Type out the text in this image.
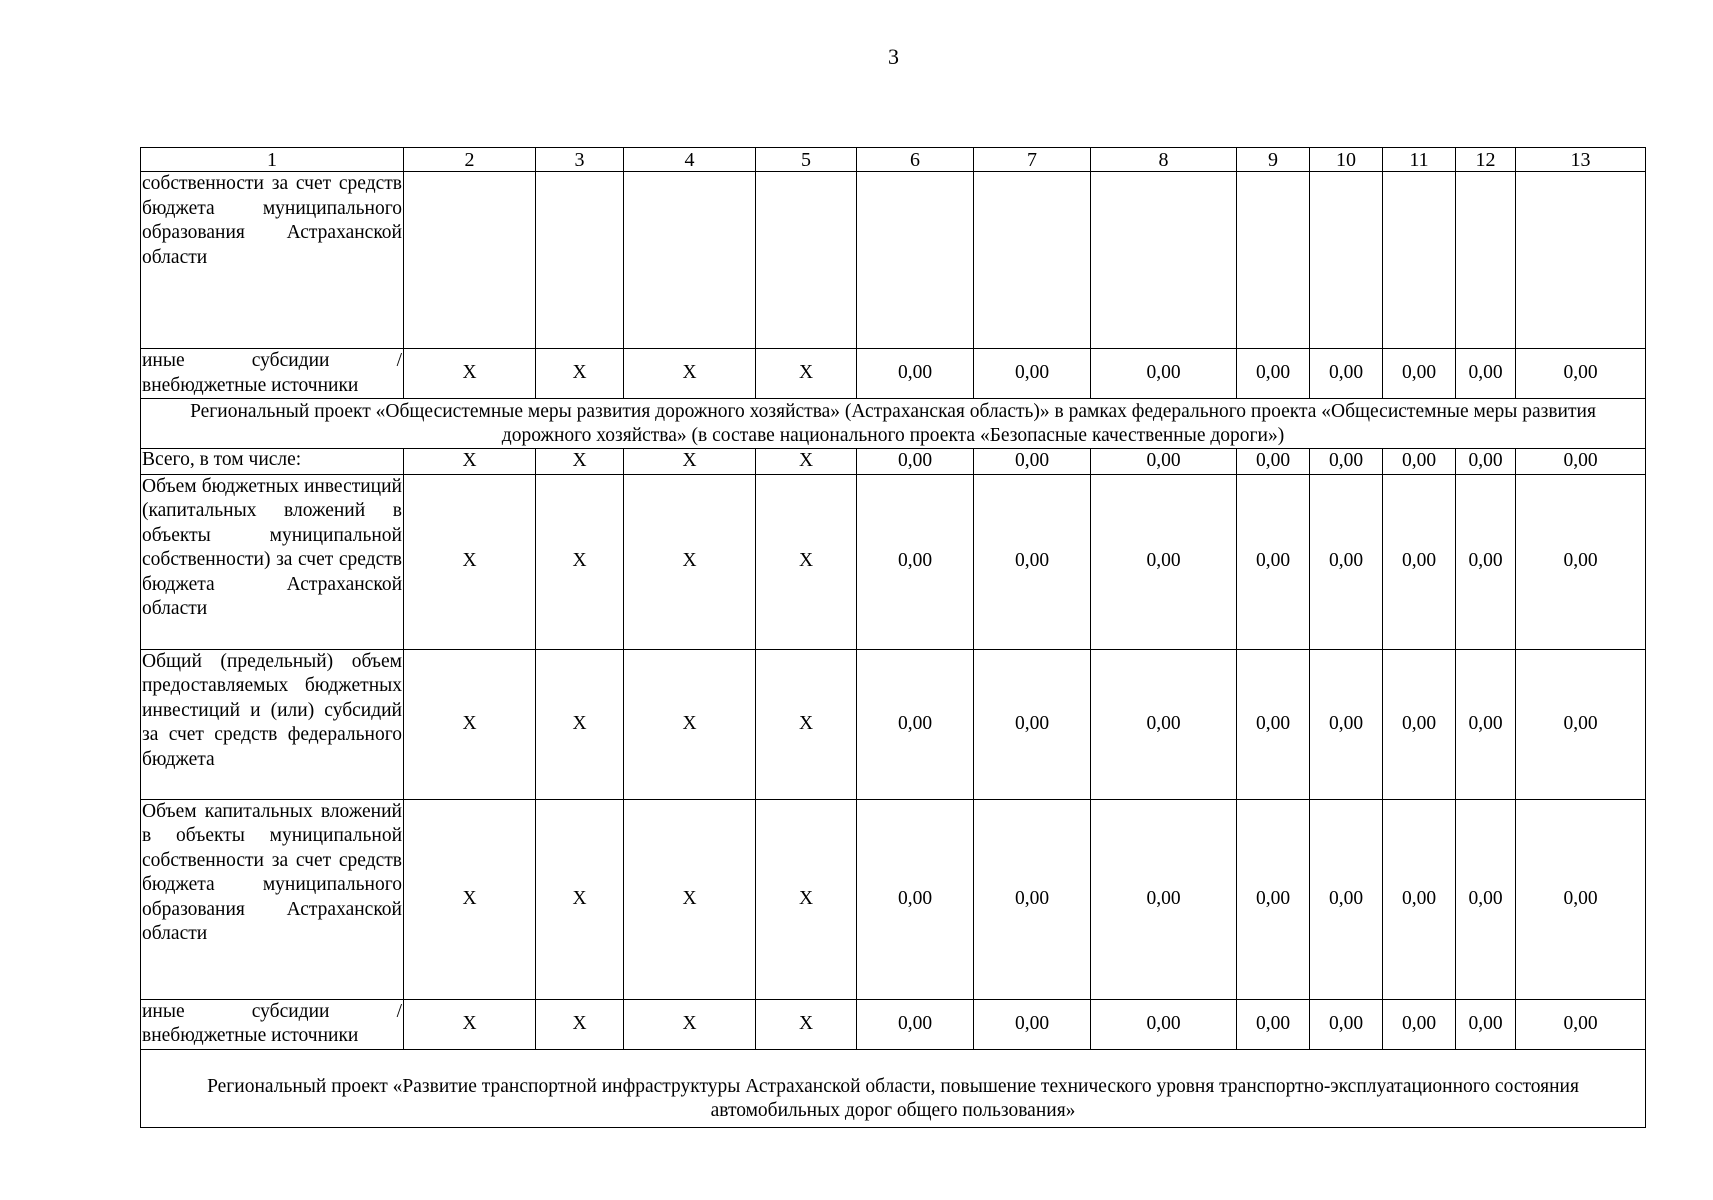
3
1	2	3	4	5	6	7	8	9	10	11	12	13
собственности за счет средств бюджета муниципального образования Астраханской области												
иные субсидии / внебюджетные источники	Х	Х	Х	Х	0,00	0,00	0,00	0,00	0,00	0,00	0,00	0,00
Региональный проект «Общесистемные меры развития дорожного хозяйства» (Астраханская область)» в рамках федерального проекта «Общесистемные меры развития дорожного хозяйства» (в составе национального проекта «Безопасные качественные дороги»)												
Всего, в том числе:	Х	Х	Х	Х	0,00	0,00	0,00	0,00	0,00	0,00	0,00	0,00
Объем бюджетных инвестиций (капитальных вложений в объекты муниципальной собственности) за счет средств бюджета Астраханской области	Х	Х	Х	Х	0,00	0,00	0,00	0,00	0,00	0,00	0,00	0,00
Общий (предельный) объем предоставляемых бюджетных инвестиций и (или) субсидий за счет средств федерального бюджета	Х	Х	Х	Х	0,00	0,00	0,00	0,00	0,00	0,00	0,00	0,00
Объем капитальных вложений в объекты муниципальной собственности за счет средств бюджета муниципального образования Астраханской области	Х	Х	Х	Х	0,00	0,00	0,00	0,00	0,00	0,00	0,00	0,00
иные субсидии / внебюджетные источники	Х	Х	Х	Х	0,00	0,00	0,00	0,00	0,00	0,00	0,00	0,00
Региональный проект «Развитие транспортной инфраструктуры Астраханской области, повышение технического уровня транспортно-эксплуатационного состояния автомобильных дорог общего пользования»												
